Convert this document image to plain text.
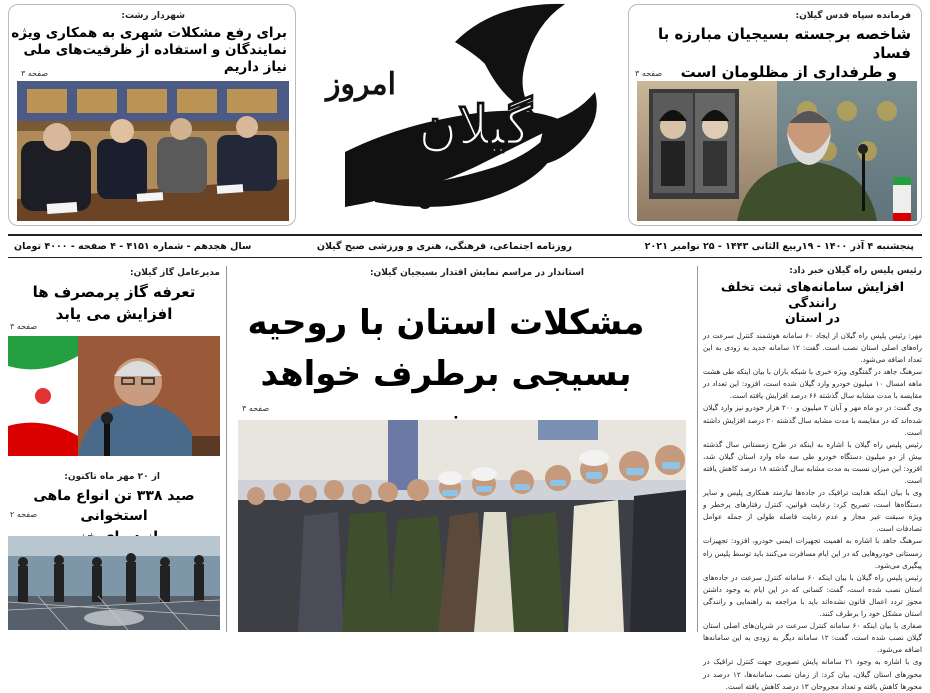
فرمانده سپاه قدس گیلان:
شاخصه برجسته بسیجیان مبارزه با فساد
و طرفداری از مظلومان است
صفحه ۳
گیلان
امروز
شهردار رشت:
برای رفع مشکلات شهری به همکاری ویژه
نمایندگان و استفاده از ظرفیت‌های ملی نیاز داریم
صفحه ۳
پنجشنبه ۴ آذر ۱۴۰۰ - ۱۹ربیع الثانی ۱۴۴۳ - ۲۵ نوامبر ۲۰۲۱
روزنامه اجتماعی، فرهنگی، هنری و ورزشی صبح گیلان
سال هجدهم - شماره ۴۱۵۱ - ۴ صفحه - ۴۰۰۰ تومان
رئیس پلیس راه گیلان خبر داد:
افزایش سامانه‌های ثبت تخلف رانندگی
در استان

مهر: رئیس پلیس راه گیلان از ایجاد ۶۰ سامانه هوشمند کنترل سرعت در راه‌های اصلی استان نصب است. گفت: ۱۲ سامانه جدید به زودی به این تعداد اضافه می‌شود.

سرهنگ جاهد در گفتگوی ویژه خبری با شبکه باران با بیان اینکه طی هشت ماهه امسال ۱۰ میلیون خودرو وارد گیلان شده است، افزود: این تعداد در مقایسه با مدت مشابه سال گذشته ۶۶ درصد افزایش یافته است.

وی گفت: در دو ماه مهر و آبان ۲ میلیون و ۲۰۰ هزار خودرو نیز وارد گیلان شده‌اند که در مقایسه با مدت مشابه سال گذشته ۲۰ درصد افزایش داشته است.

رئیس پلیس راه گیلان با اشاره به اینکه در طرح زمستانی سال گذشته بیش از دو میلیون دستگاه خودرو طی سه ماه وارد استان گیلان شد، افزود: این میزان نسبت به مدت مشابه سال گذشته ۱۸ درصد کاهش یافته است.

وی با بیان اینکه هدایت ترافیک در جاده‌ها نیازمند همکاری پلیس و سایر دستگاه‌ها است، تصریح کرد: رعایت قوانین، کنترل رفتارهای پرخطر و ویژه سبقت غیر مجاز و عدم رعایت فاصله طولی از جمله عوامل تصادفات است.

سرهنگ جاهد با اشاره به اهمیت تجهیزات ایمنی خودرو، افزود: تجهیزات زمستانی خودروهایی که در این ایام مسافرت می‌کنند باید توسط پلیس راه پیگیری می‌شود.

رئیس پلیس راه گیلان با بیان اینکه ۶۰ سامانه کنترل سرعت در جاده‌های استان نصب شده است، گفت: کسانی که در این ایام به وجود داشتن مجوز تردد اعمال قانون نشده‌اند باید با مراجعه به راهنمایی و رانندگی استان مشکل خود را برطرف کنند.

صفاری با بیان اینکه ۶۰ سامانه کنترل سرعت در شریان‌های اصلی استان گیلان نصب شده است، گفت: ۱۲ سامانه دیگر به زودی به این سامانه‌ها اضافه می‌شود.

وی با اشاره به وجود ۲۱ سامانه پایش تصویری جهت کنترل ترافیک در محورهای استان گیلان، بیان کرد: از زمان نصب سامانه‌ها، ۱۲ درصد در محورها کاهش یافته و تعداد مجروحان ۱۳ درصد کاهش یافته است.

استاندار در مراسم نمایش اقتدار بسیجیان گیلان:
مشکلات استان با روحیه
بسیجی برطرف خواهد
صفحه ۳
مدیرعامل گاز گیلان:
تعرفه گاز پرمصرف ها
افزایش می یابد
صفحه ۳
از ۲۰ مهر ماه تاکنون:
صید ۳۳۸ تن انواع ماهی استخوانی
صفحه ۲
